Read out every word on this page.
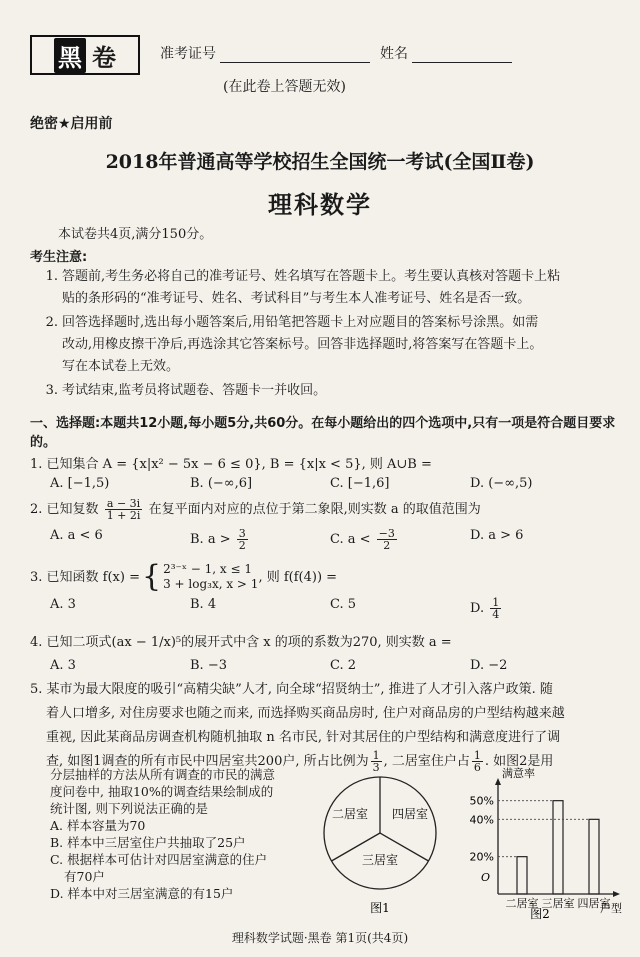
黑 卷	准考证号	姓名
(在此卷上答题无效)
绝密★启用前
2018年普通高等学校招生全国统一考试(全国Ⅱ卷)
理科数学
本试卷共4页,满分150分。
考生注意:
1. 答题前,考生务必将自己的准考证号、姓名填写在答题卡上。考生要认真核对答题卡上粘
贴的条形码的“准考证号、姓名、考试科目”与考生本人准考证号、姓名是否一致。
2. 回答选择题时,选出每小题答案后,用铅笔把答题卡上对应题目的答案标号涂黑。如需
改动,用橡皮擦干净后,再选涂其它答案标号。回答非选择题时,将答案写在答题卡上。
写在本试卷上无效。
3. 考试结束,监考员将试题卷、答题卡一并收回。
一、选择题:本题共12小题,每小题5分,共60分。在每小题给出的四个选项中,只有一项是符合题目要求的。
1. 已知集合 A = {x|x² − 5x − 6 ≤ 0}, B = {x|x < 5}, 则 A∪B =
A. [−1,5)	B. (−∞,6]	C. [−1,6]	D. (−∞,5)
2. 已知复数 $\frac{a - 3i}{1 + 2i}$ 在复平面内对应的点位于第二象限,则实数 a 的取值范围为
A. a < 6	B. $a > \frac{3}{2}$	C. $a < \frac{-3}{2}$	D. a > 6
3. 已知函数 f(x) = { 2³⁻ˣ − 1, x ≤ 1
3 + log₃x, x > 1 , 则 f(f(4)) =
A. 3	B. 4	C. 5	D. $\frac{1}{4}$
4. 已知二项式(ax − 1/x)⁵的展开式中含 x 的项的系数为270, 则实数 a =
A. 3	B. −3	C. 2	D. −2
5. 某市为最大限度的吸引“高精尖缺”人才, 向全球“招贤纳士”, 推进了人才引入落户政策. 随
着人口增多, 对住房要求也随之而来, 而选择购买商品房时, 住户对商品房的户型结构越来越
重视, 因此某商品房调查机构随机抽取 n 名市民, 针对其居住的户型结构和满意度进行了调
查, 如图1调查的所有市民中四居室共200户, 所占比例为 $\frac{1}{3}$ , 二居室住户占 $\frac{1}{6}$ . 如图2是用
分层抽样的方法从所有调查的市民的满意
度问卷中, 抽取10%的调查结果绘制成的
统计图, 则下列说法正确的是
A. 样本容量为70
B. 样本中三居室住户共抽取了25户
C. 根据样本可估计对四居室满意的住户
有70户
D. 样本中对三居室满意的有15户
二居室 四居室
三居室
图1
满意率
O
户型
图2
二居室 三居室 四居室
20%
40%
50%
理科数学试题·黑卷 第1页(共4页)
